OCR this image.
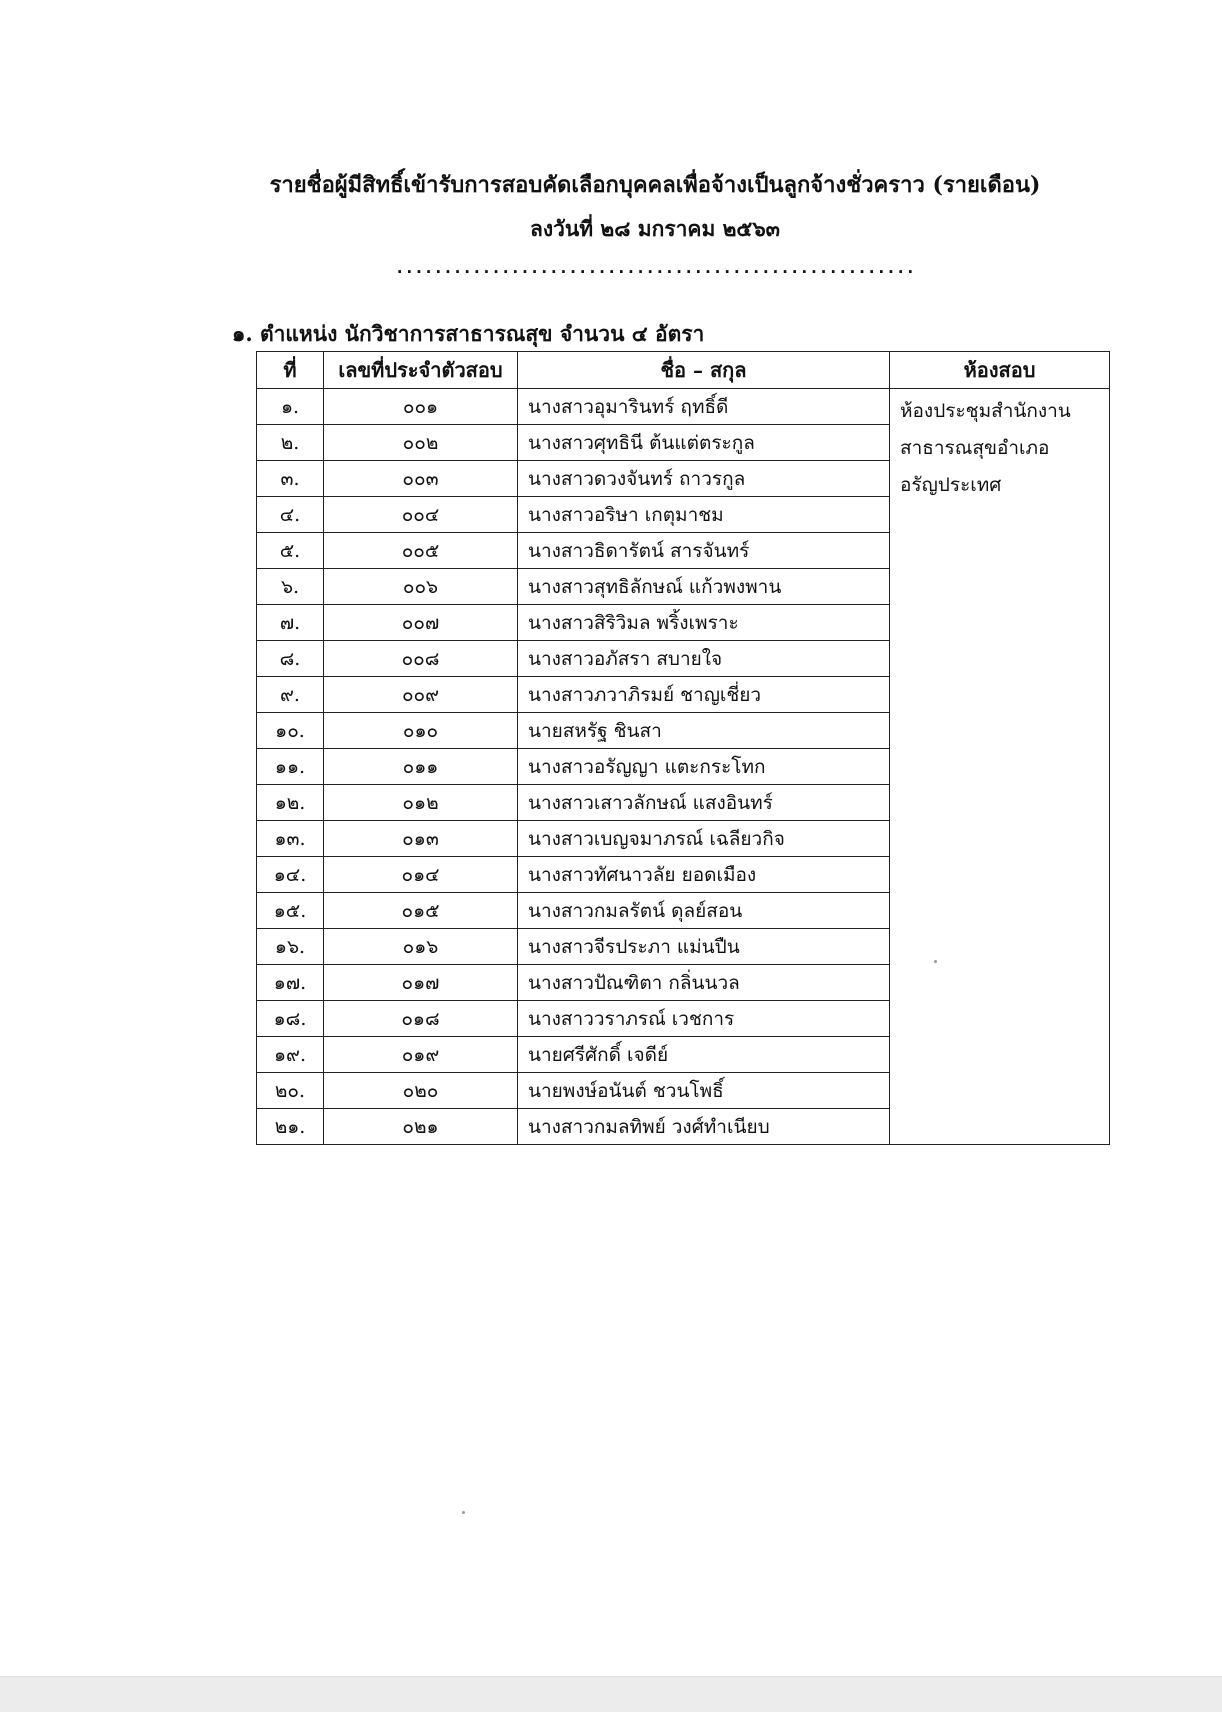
รายชื่อผู้มีสิทธิ์เข้ารับการสอบคัดเลือกบุคคลเพื่อจ้างเป็นลูกจ้างชั่วคราว (รายเดือน)
ลงวันที่ ๒๘ มกราคม ๒๕๖๓
......................................................
๑. ตำแหน่ง นักวิชาการสาธารณสุข จำนวน ๔ อัตรา
ที่	เลขที่ประจำตัวสอบ	ชื่อ – สกุล	ห้องสอบ
๑.	๐๐๑	นางสาวอุมารินทร์ ฤทธิ์ดี	ห้องประชุมสำนักงาน
สาธารณสุขอำเภอ
อรัญประเทศ

๒.	๐๐๒	นางสาวศุทธินี ต้นแต่ตระกูล	
๓.	๐๐๓	นางสาวดวงจันทร์ ถาวรกูล	
๔.	๐๐๔	นางสาวอริษา เกตุมาชม	
๕.	๐๐๕	นางสาวธิดารัตน์ สารจันทร์	
๖.	๐๐๖	นางสาวสุทธิลักษณ์ แก้วพงพาน	
๗.	๐๐๗	นางสาวสิริวิมล พริ้งเพราะ	
๘.	๐๐๘	นางสาวอภัสรา สบายใจ	
๙.	๐๐๙	นางสาวภวาภิรมย์ ชาญเชี่ยว	
๑๐.	๐๑๐	นายสหรัฐ ชินสา	
๑๑.	๐๑๑	นางสาวอรัญญา แตะกระโทก	
๑๒.	๐๑๒	นางสาวเสาวลักษณ์ แสงอินทร์	
๑๓.	๐๑๓	นางสาวเบญจมาภรณ์ เฉลียวกิจ	
๑๔.	๐๑๔	นางสาวทัศนาวลัย ยอดเมือง	
๑๕.	๐๑๕	นางสาวกมลรัตน์ ดุลย์สอน	
๑๖.	๐๑๖	นางสาวจีรประภา แม่นปืน	
๑๗.	๐๑๗	นางสาวปัณฑิตา กลิ่นนวล	
๑๘.	๐๑๘	นางสาววราภรณ์ เวชการ	
๑๙.	๐๑๙	นายศรีศักดิ์ เจดีย์	
๒๐.	๐๒๐	นายพงษ์อนันต์ ชวนโพธิ์	
๒๑.	๐๒๑	นางสาวกมลทิพย์ วงศ์ทำเนียบ	
